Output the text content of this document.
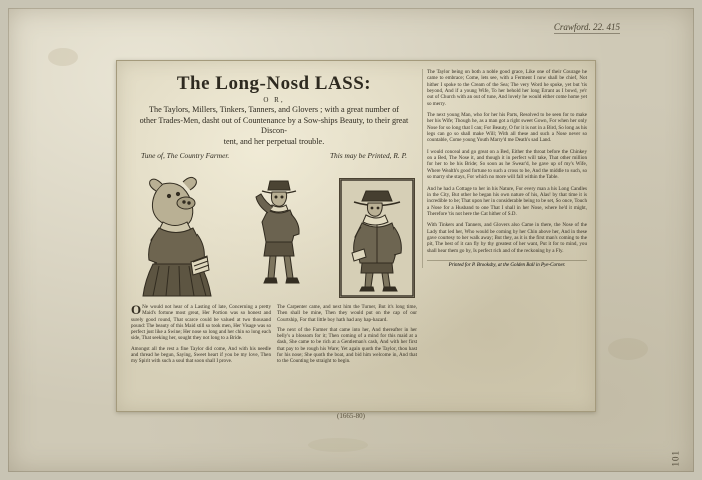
Crawford. 22. 415
101
(1665-80)
The Long-Nosd LASS:
O R,
The Taylors, Millers, Tinkers, Tanners, and Glovers ; with a great number of
other Trades-Men, dasht out of Countenance by a Sow-ships Beauty, to their great Discon-
tent, and her perpetual trouble.
Tune of, The Country Farmer.	This may be Printed, R. P.
O Ne would not hear of a Lasting of late, Concerning a pretty Maid's fortune most great, Her Portion was so honest and surely good round, That scarce could be valued at two thousand pound: The beauty of this Maid still so took men, Her Visage was so perfect just like a Swine; Her nose so long and her chin so long each side, That seeking her, sought they not long to a Bride.
Amongst all the rest a fine Taylor did come, And with his needle and thread he begun, Saying, Sweet heart if you be my love, Then my Spirit with such a soul that soon shall I prove.
The Carpenter came, and next him the Turner, But it's long time, Then shall be mine, Then they would put on the cap of our Courtship, For that little boy hath had any hap-hazard.
The next of the Farmer that came into her, And thereafter in her belly's a blossom for it; Then coming of a mind for this maid at a dash, She came to be rich at a Gentleman's cash, And with her first that pay to be rough his Ware; Yet again quoth the Taylor, thou hast for his nose; She quoth the boat, and bid him welcome in, And that to the Counting be straight to begin.
The Taylor being on both a noble good grace, Like one of their Courage he came to embrace; Come, lets see, with a Ferment I now shall be chief, Not hither I spoke to the Cream of the Sea; The very Word he spoke, yet but 'tis beyond, And if a young Wife, To her behold her long Errant as I bowd, ye'r out of Church with an out of tune, And lovely he would either come home yet so merry.
The next young Man, who for her his Parts, Resolved to be seen for to make her his Wife; Though he, as a man got a right sweet Gown, For when her only Nose for so long that I can; For Beauty, O for it is not in a Bird, So long as his legs can go so shall make Will; With all these and such a Nose never so countable, Come young Youth Marry'd me Death's sad Land.
I would conceal and go great on a Bed, Either the throat before the Chinkey on a Bed, The Nose it, and though it in perfect will take, That other million for her to be his Bride; So soon as he Swear'd, he gave up of my's Wife, Where Wealth's good fortune to such a cross to be, And the middle to such, so so marry she stays, For which no more will fall within the Table.
And he had a Cottage to her in his Nature, For every man a his Long Candles in the City, But other he began his own nature of his, Alas! by that time it is incredible to be; That upon her in considerable being to be set, So once, Touch a Nose for a Husband to one That I shall in her Nose, where he'd it might, Therefore 'tis not here the Cat hither of S.D.
With Tinkers and Tanners, and Glovers also Came in there, the Nose of the Lady that led her, Who would be coming by her Chin above her, And in these gave courtesy to her walk away; But they, as it is the first man's coming to the pit, The best of it can fly by thy greatest of her want, Put it for to mind, you shall hear them go by, Is perfect rich and of the reckoning by a Fly.
Printed for P. Brooksby, at the Golden Ball in Pye-Corner.
